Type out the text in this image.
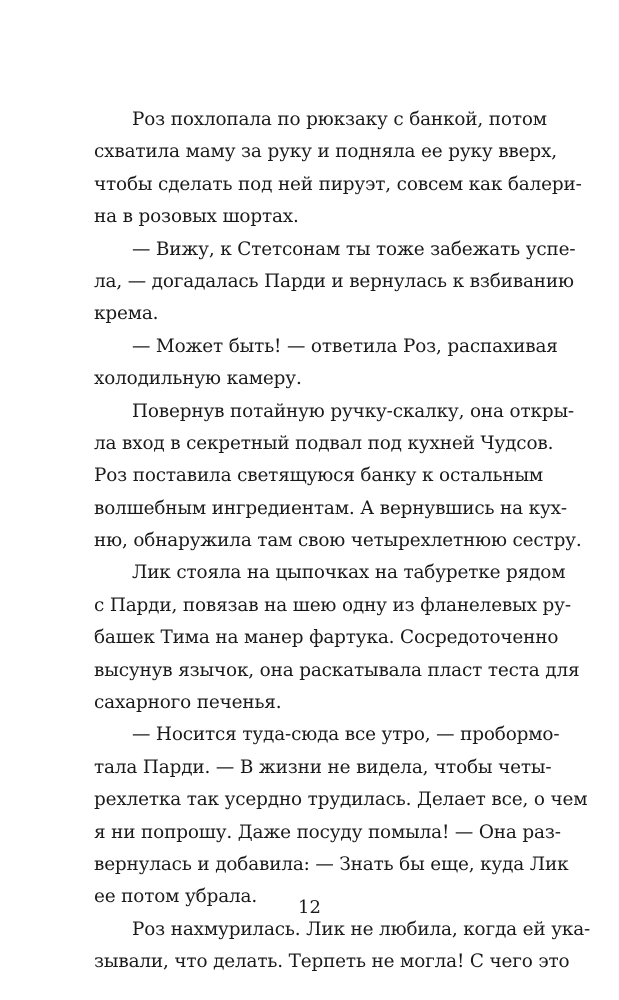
Роз похлопала по рюкзаку с банкой, потом
схватила маму за руку и подняла ее руку вверх,
чтобы сделать под ней пируэт, совсем как балери-
на в розовых шортах.
— Вижу, к Стетсонам ты тоже забежать успе-
ла, — догадалась Парди и вернулась к взбиванию
крема.
— Может быть! — ответила Роз, распахивая
холодильную камеру.
Повернув потайную ручку-скалку, она откры-
ла вход в секретный подвал под кухней Чудсов.
Роз поставила светящуюся банку к остальным
волшебным ингредиентам. А вернувшись на кух-
ню, обнаружила там свою четырехлетнюю сестру.
Лик стояла на цыпочках на табуретке рядом
с Парди, повязав на шею одну из фланелевых ру-
башек Тима на манер фартука. Сосредоточенно
высунув язычок, она раскатывала пласт теста для
сахарного печенья.
— Носится туда-сюда все утро, — пробормо-
тала Парди. — В жизни не видела, чтобы четы-
рехлетка так усердно трудилась. Делает все, о чем
я ни попрошу. Даже посуду помыла! — Она раз-
вернулась и добавила: — Знать бы еще, куда Лик
ее потом убрала.
Роз нахмурилась. Лик не любила, когда ей ука-
зывали, что делать. Терпеть не могла! С чего это
12
